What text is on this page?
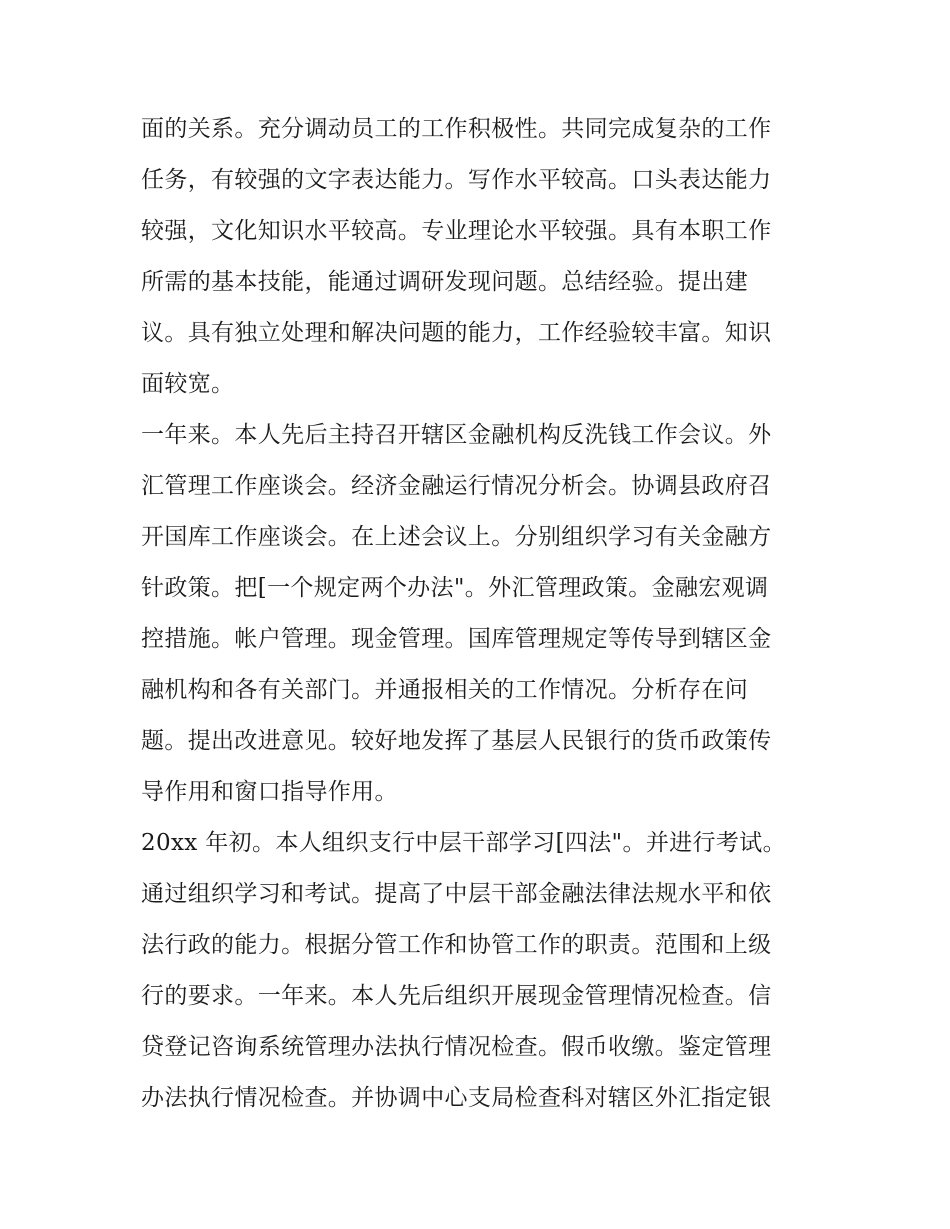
面的关系。充分调动员工的工作积极性。共同完成复杂的工作
任务，有较强的文字表达能力。写作水平较高。口头表达能力
较强，文化知识水平较高。专业理论水平较强。具有本职工作
所需的基本技能，能通过调研发现问题。总结经验。提出建
议。具有独立处理和解决问题的能力，工作经验较丰富。知识
面较宽。
一年来。本人先后主持召开辖区金融机构反洗钱工作会议。外
汇管理工作座谈会。经济金融运行情况分析会。协调县政府召
开国库工作座谈会。在上述会议上。分别组织学习有关金融方
针政策。把[一个规定两个办法"。外汇管理政策。金融宏观调
控措施。帐户管理。现金管理。国库管理规定等传导到辖区金
融机构和各有关部门。并通报相关的工作情况。分析存在问
题。提出改进意见。较好地发挥了基层人民银行的货币政策传
导作用和窗口指导作用。
20xx 年初。本人组织支行中层干部学习[四法"。并进行考试。
通过组织学习和考试。提高了中层干部金融法律法规水平和依
法行政的能力。根据分管工作和协管工作的职责。范围和上级
行的要求。一年来。本人先后组织开展现金管理情况检查。信
贷登记咨询系统管理办法执行情况检查。假币收缴。鉴定管理
办法执行情况检查。并协调中心支局检查科对辖区外汇指定银
